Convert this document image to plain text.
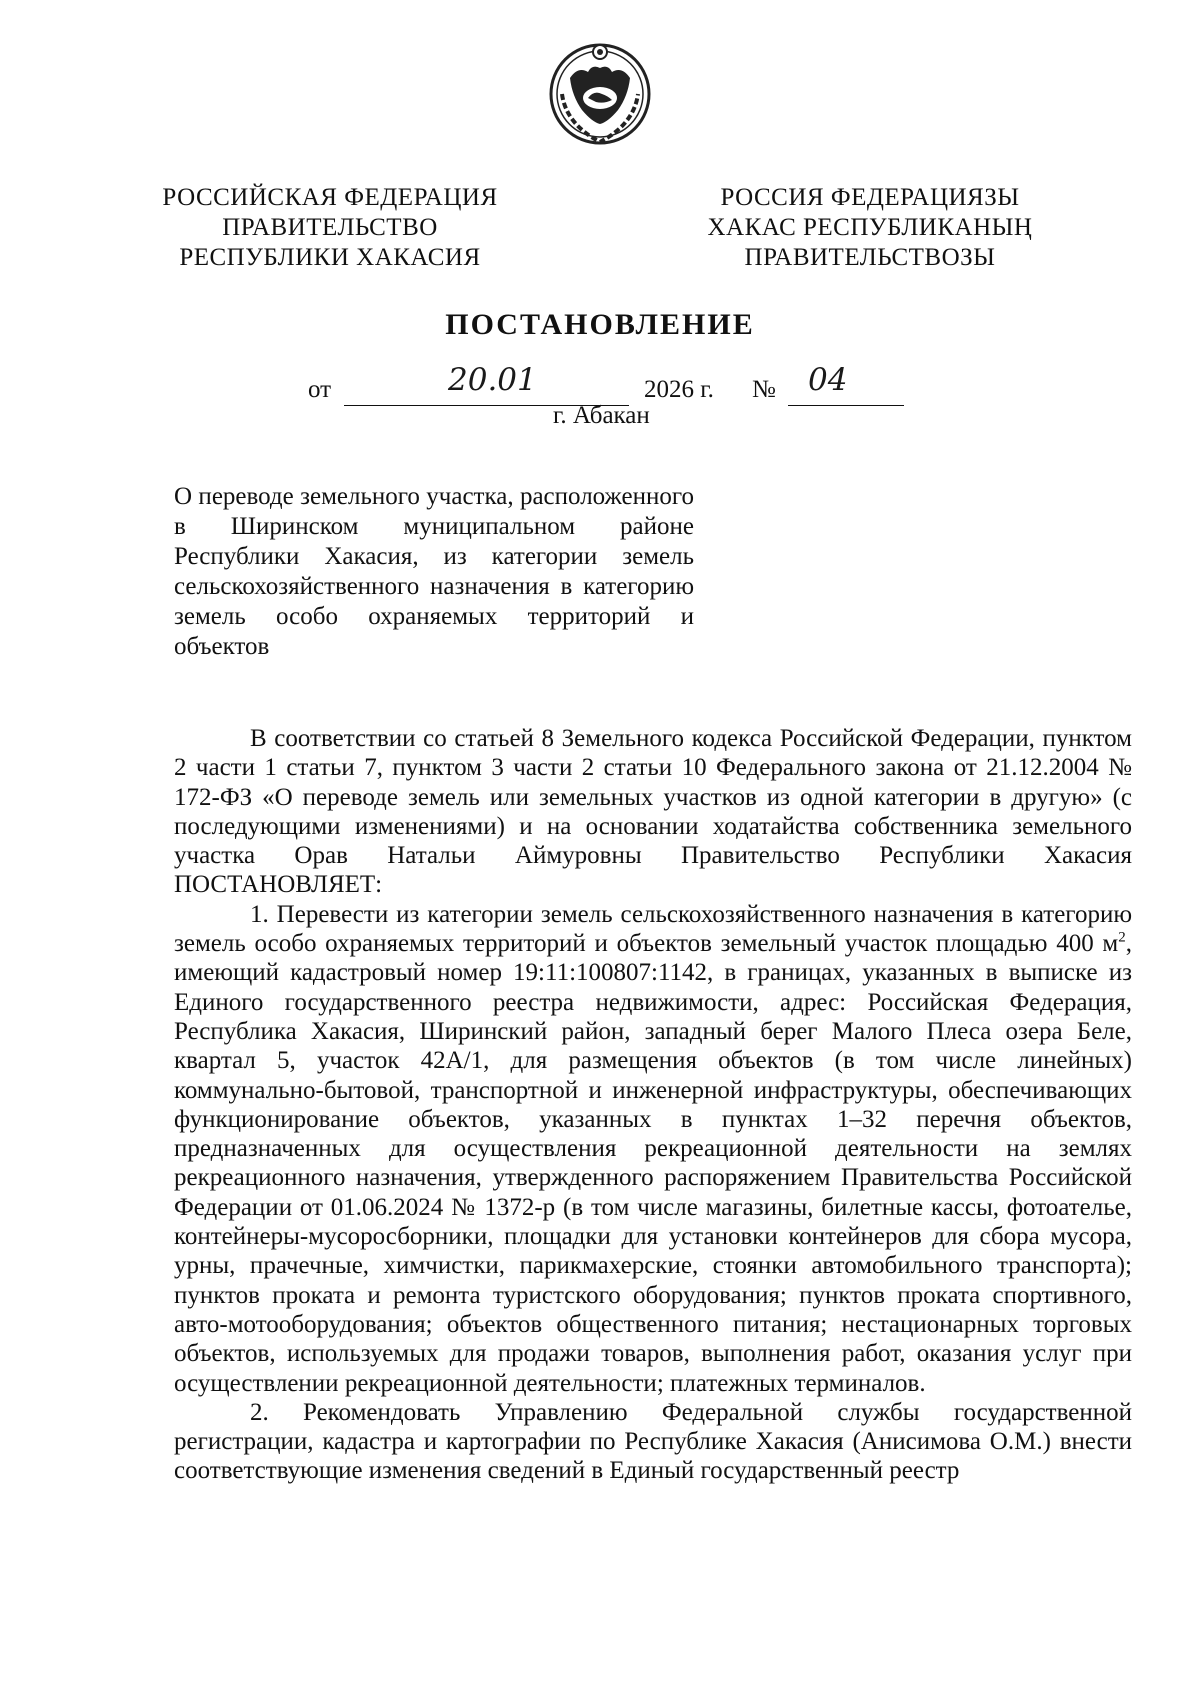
РОССИЙСКАЯ ФЕДЕРАЦИЯ
ПРАВИТЕЛЬСТВО
РЕСПУБЛИКИ ХАКАСИЯ
РОССИЯ ФЕДЕРАЦИЯЗЫ
ХАКАС РЕСПУБЛИКАНЫҢ
ПРАВИТЕЛЬСТВОЗЫ
ПОСТАНОВЛЕНИЕ
от	20.01	2026 г. № 04
г. Абакан
О переводе земельного участка, расположенного в Ширинском муниципальном районе Республики Хакасия, из категории земель сельскохозяйственного назначения в категорию земель особо охраняемых территорий и объектов

В соответствии со статьей 8 Земельного кодекса Российской Федерации, пунктом 2 части 1 статьи 7, пунктом 3 части 2 статьи 10 Федерального закона от 21.12.2004 № 172-ФЗ «О переводе земель или земельных участков из одной категории в другую» (с последующими изменениями) и на основании ходатайства собственника земельного участка Орав Натальи Аймуровны Правительство Республики Хакасия ПОСТАНОВЛЯЕТ:

1. Перевести из категории земель сельскохозяйственного назначения в категорию земель особо охраняемых территорий и объектов земельный участок площадью 400 $м^2$, имеющий кадастровый номер 19:11:100807:1142, в границах, указанных в выписке из Единого государственного реестра недвижимости, адрес: Российская Федерация, Республика Хакасия, Ширинский район, западный берег Малого Плеса озера Беле, квартал 5, участок 42А/1, для размещения объектов (в том числе линейных) коммунально-бытовой, транспортной и инженерной инфраструктуры, обеспечивающих функционирование объектов, указанных в пунктах 1–32 перечня объектов, предназначенных для осуществления рекреационной деятельности на землях рекреационного назначения, утвержденного распоряжением Правительства Российской Федерации от 01.06.2024 № 1372-р (в том числе магазины, билетные кассы, фотоателье, контейнеры-мусоросборники, площадки для установки контейнеров для сбора мусора, урны, прачечные, химчистки, парикмахерские, стоянки автомобильного транспорта); пунктов проката и ремонта туристского оборудования; пунктов проката спортивного, авто-мотооборудования; объектов общественного питания; нестационарных торговых объектов, используемых для продажи товаров, выполнения работ, оказания услуг при осуществлении рекреационной деятельности; платежных терминалов.

2. Рекомендовать Управлению Федеральной службы государственной регистрации, кадастра и картографии по Республике Хакасия (Анисимова О.М.) внести соответствующие изменения сведений в Единый государственный реестр
